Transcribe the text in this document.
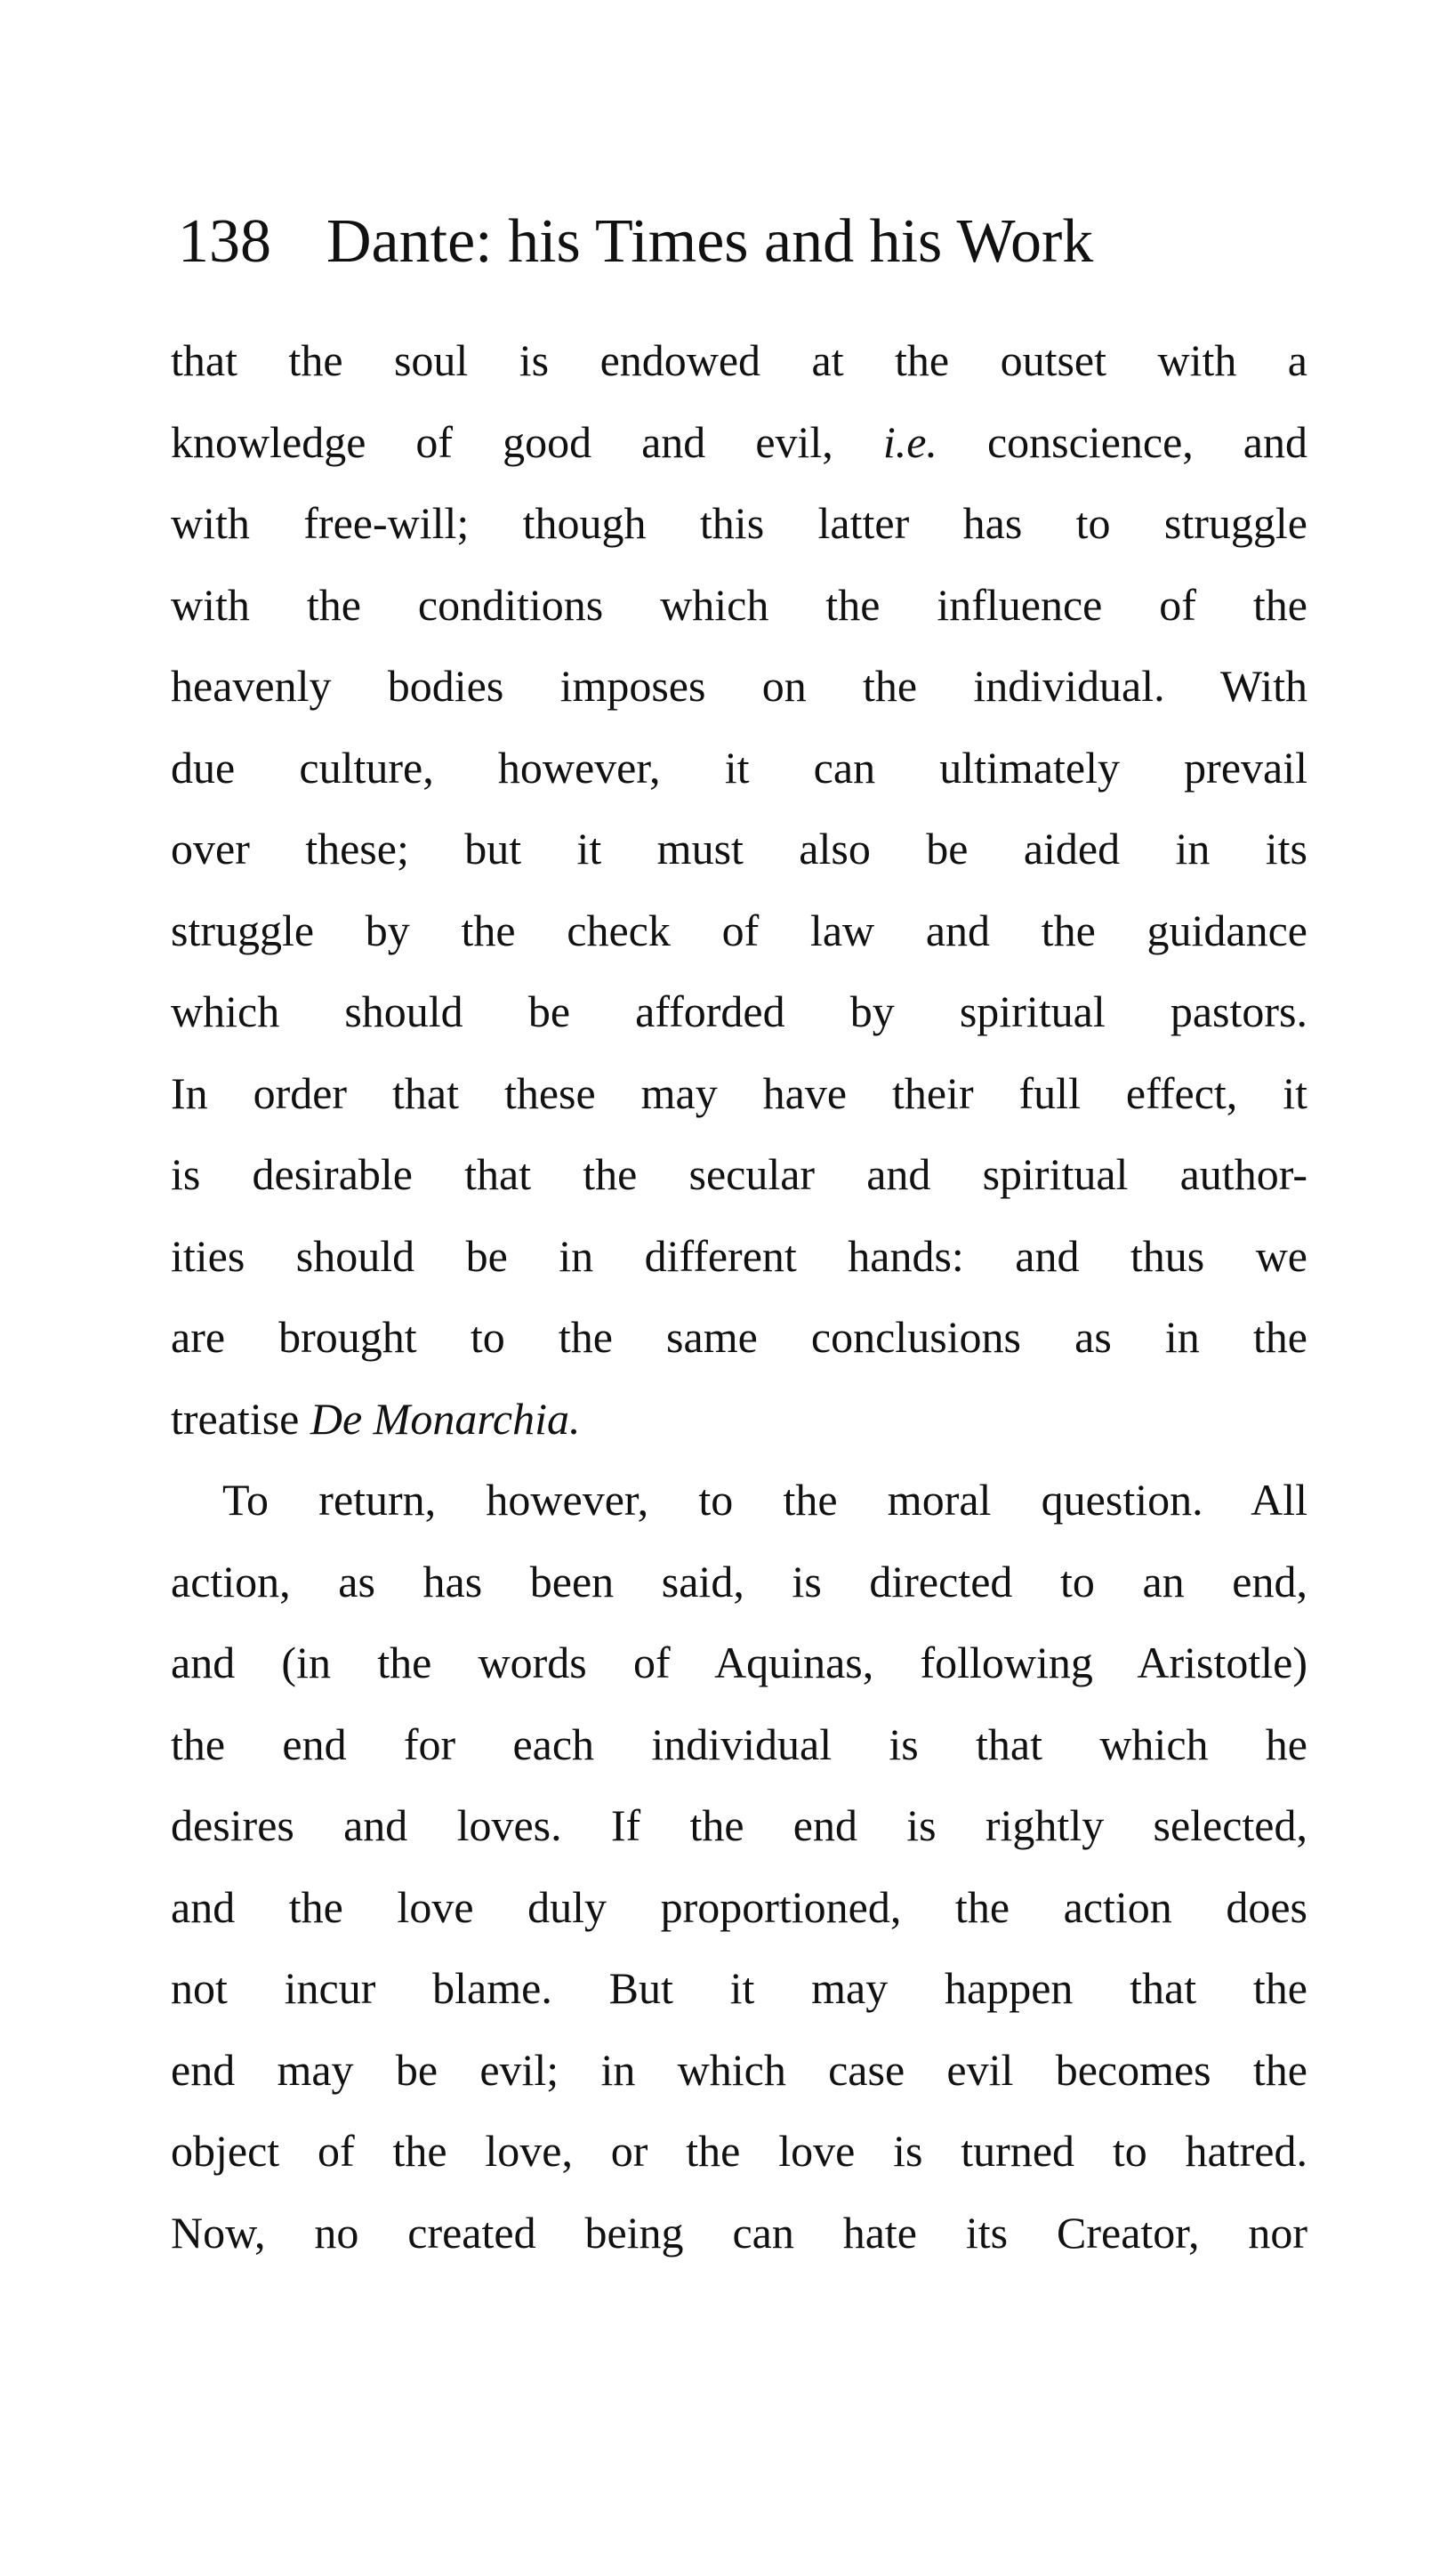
138 Dante: his Times and his Work
that the soul is endowed at the outset with a
knowledge of good and evil, i.e. conscience, and
with free-will; though this latter has to struggle
with the conditions which the influence of the
heavenly bodies imposes on the individual. With
due culture, however, it can ultimately prevail
over these; but it must also be aided in its
struggle by the check of law and the guidance
which should be afforded by spiritual pastors.
In order that these may have their full effect, it
is desirable that the secular and spiritual author-
ities should be in different hands: and thus we
are brought to the same conclusions as in the
treatise De Monarchia.
To return, however, to the moral question. All
action, as has been said, is directed to an end,
and (in the words of Aquinas, following Aristotle)
the end for each individual is that which he
desires and loves. If the end is rightly selected,
and the love duly proportioned, the action does
not incur blame. But it may happen that the
end may be evil; in which case evil becomes the
object of the love, or the love is turned to hatred.
Now, no created being can hate its Creator, nor
